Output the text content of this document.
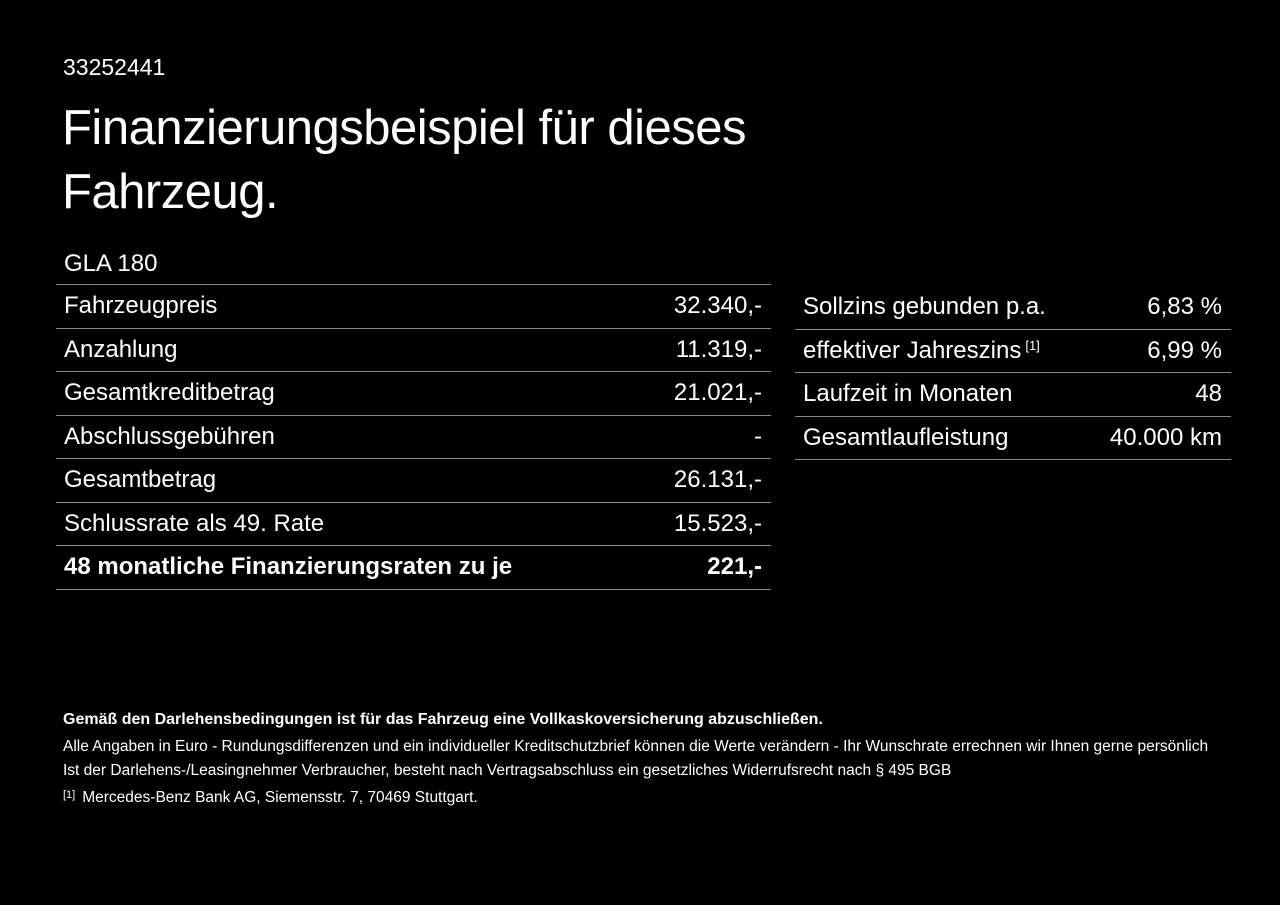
33252441
Finanzierungsbeispiel für dieses
Fahrzeug.
GLA 180
Fahrzeugpreis	32.340,-
Anzahlung	11.319,-
Gesamtkreditbetrag	21.021,-
Abschlussgebühren	-
Gesamtbetrag	26.131,-
Schlussrate als 49. Rate	15.523,-
48 monatliche Finanzierungsraten zu je	221,-
Sollzins gebunden p.a.	6,83 %
effektiver Jahreszins [1]	6,99 %
Laufzeit in Monaten	48
Gesamtlaufleistung	40.000 km

Gemäß den Darlehensbedingungen ist für das Fahrzeug eine Vollkaskoversicherung abzuschließen.

Alle Angaben in Euro - Rundungsdifferenzen und ein individueller Kreditschutzbrief können die Werte verändern - Ihr Wunschrate errechnen wir Ihnen gerne persönlich

Ist der Darlehens-/Leasingnehmer Verbraucher, besteht nach Vertragsabschluss ein gesetzliches Widerrufsrecht nach § 495 BGB

[1] Mercedes-Benz Bank AG, Siemensstr. 7, 70469 Stuttgart.
